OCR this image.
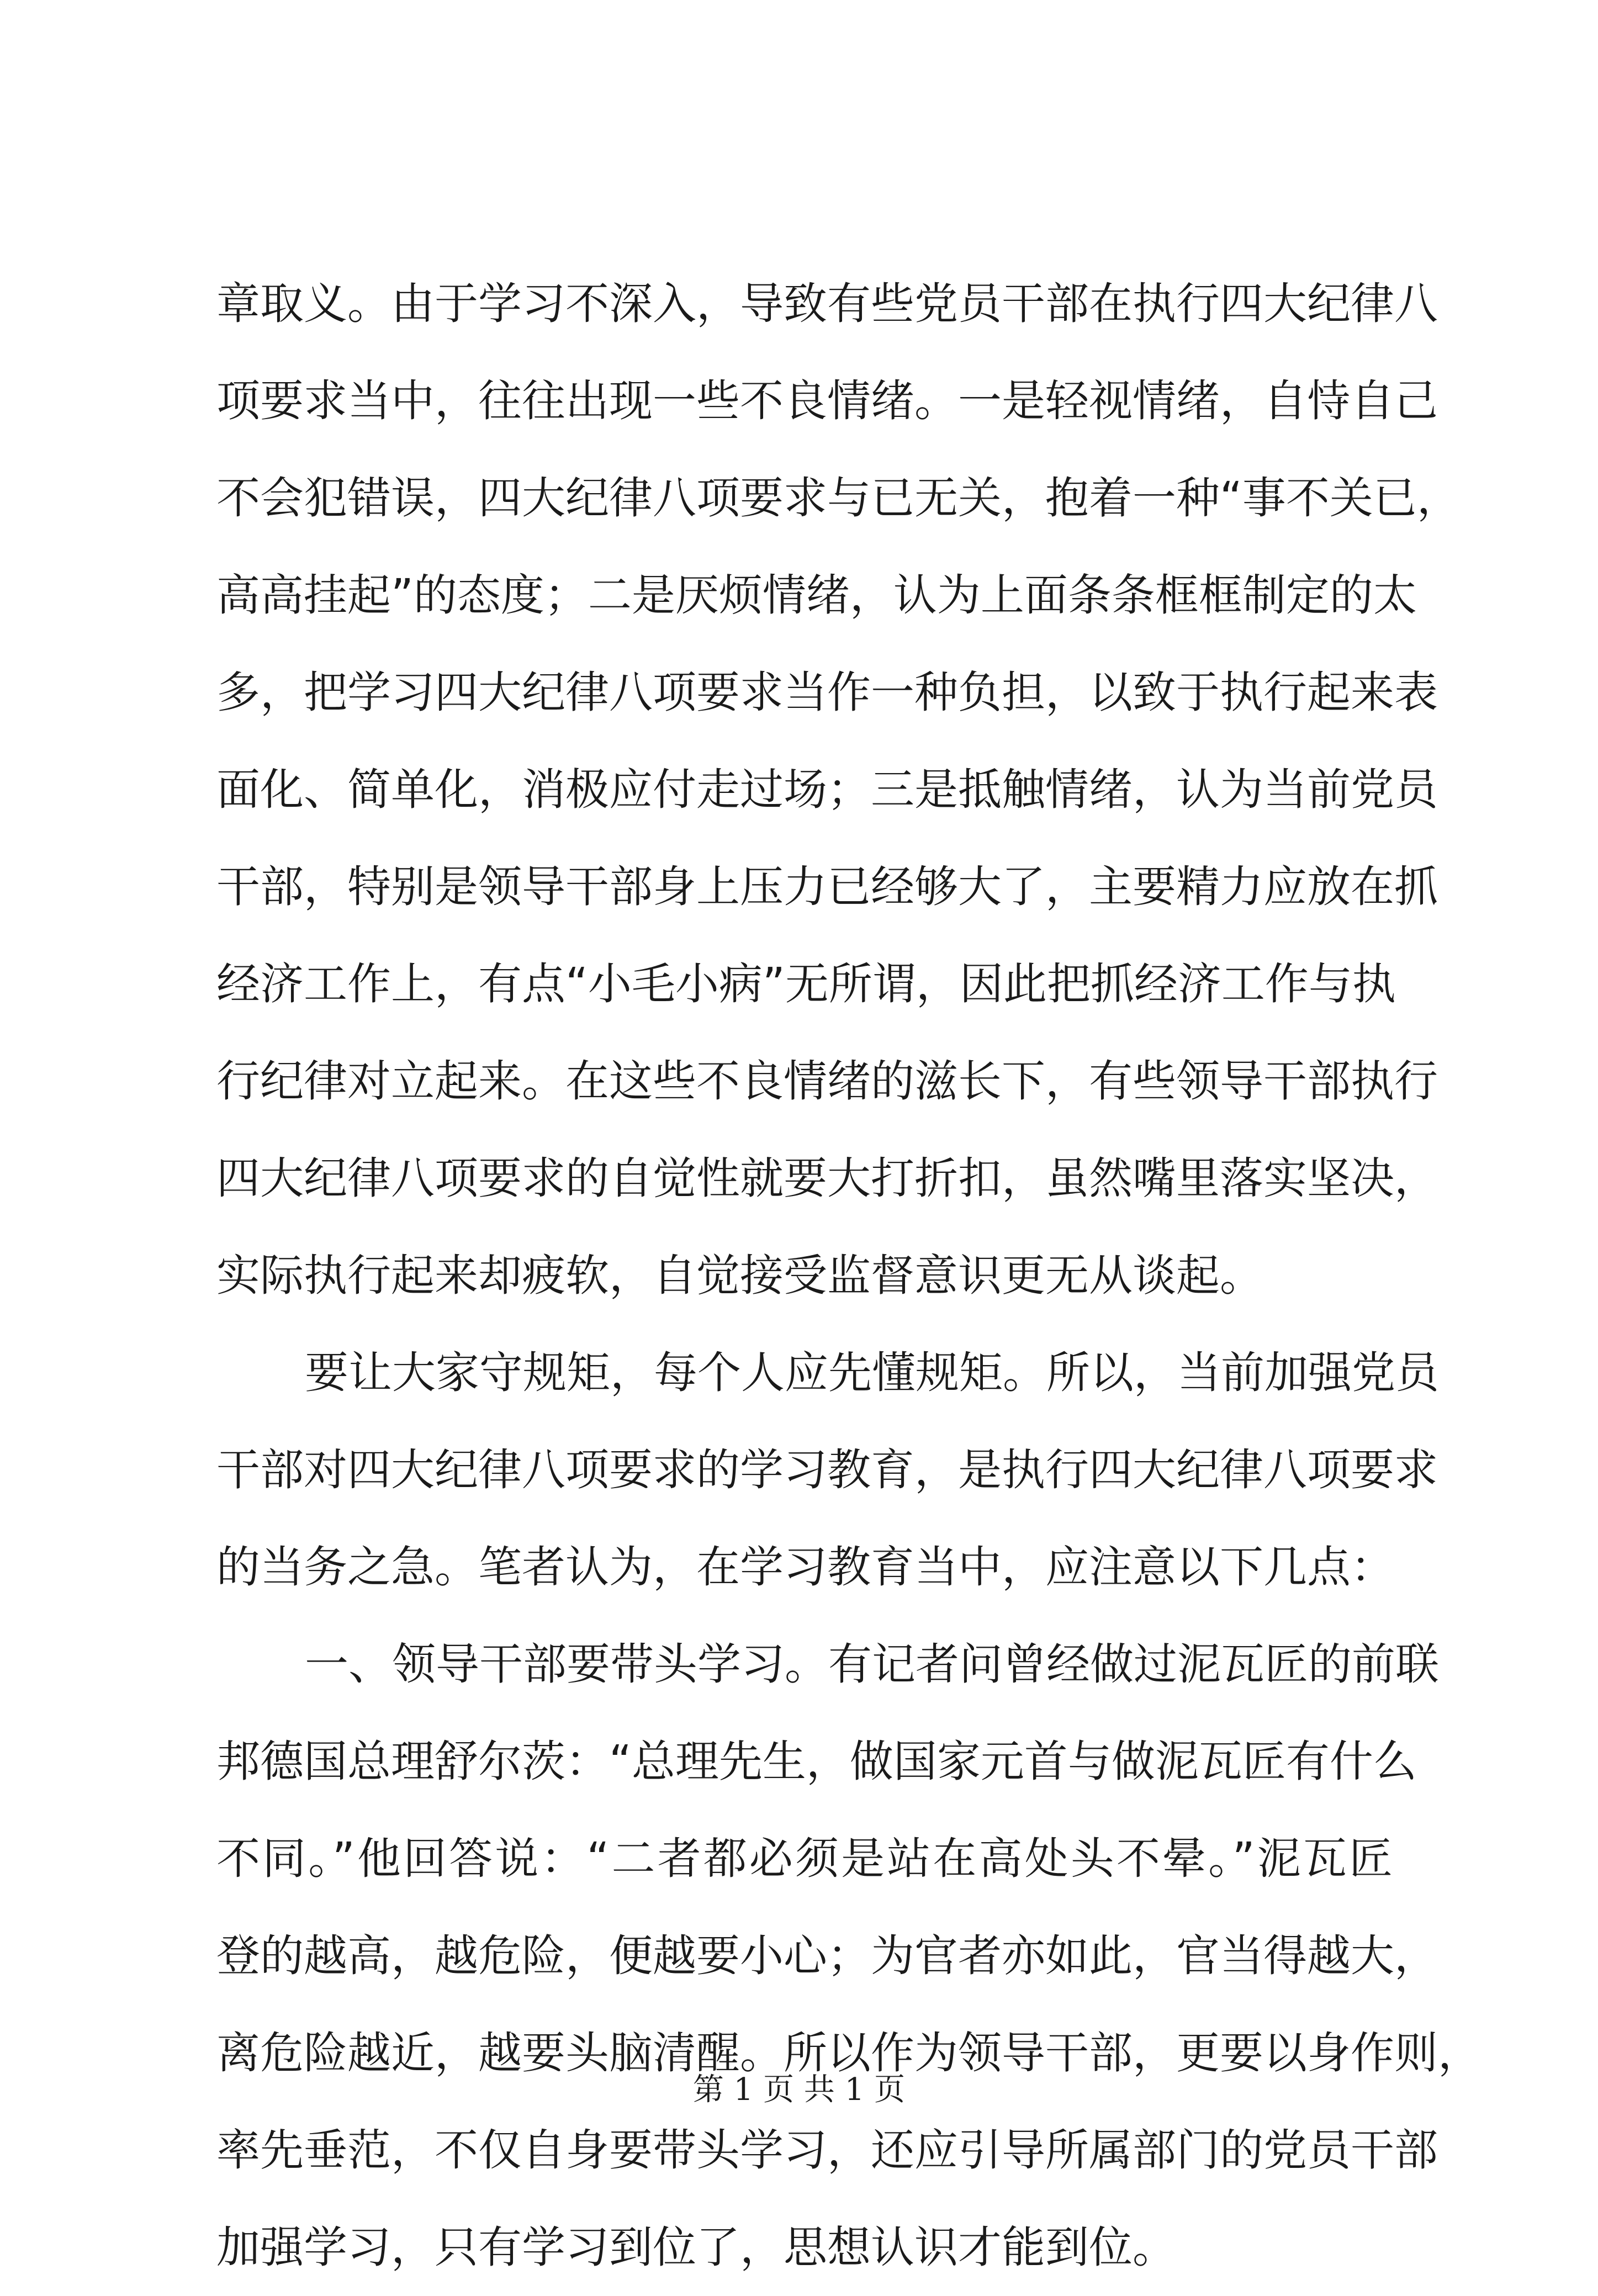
章取义。由于学习不深入，导致有些党员干部在执行四大纪律八
项要求当中，往往出现一些不良情绪。一是轻视情绪，自恃自己
不会犯错误，四大纪律八项要求与已无关，抱着一种“事不关已，
高高挂起”的态度；二是厌烦情绪，认为上面条条框框制定的太
多，把学习四大纪律八项要求当作一种负担，以致于执行起来表
面化、简单化，消极应付走过场；三是抵触情绪，认为当前党员
干部，特别是领导干部身上压力已经够大了，主要精力应放在抓
经济工作上，有点“小毛小病”无所谓，因此把抓经济工作与执
行纪律对立起来。在这些不良情绪的滋长下，有些领导干部执行
四大纪律八项要求的自觉性就要大打折扣，虽然嘴里落实坚决，
实际执行起来却疲软，自觉接受监督意识更无从谈起。
要让大家守规矩，每个人应先懂规矩。所以，当前加强党员
干部对四大纪律八项要求的学习教育，是执行四大纪律八项要求
的当务之急。笔者认为，在学习教育当中，应注意以下几点：
一、领导干部要带头学习。有记者问曾经做过泥瓦匠的前联
邦德国总理舒尔茨：“总理先生，做国家元首与做泥瓦匠有什么
不同。”他回答说：“二者都必须是站在高处头不晕。”泥瓦匠
登的越高，越危险，便越要小心；为官者亦如此，官当得越大，
离危险越近，越要头脑清醒。所以作为领导干部，更要以身作则，
率先垂范，不仅自身要带头学习，还应引导所属部门的党员干部
加强学习，只有学习到位了，思想认识才能到位。
第 1 页 共 1 页
